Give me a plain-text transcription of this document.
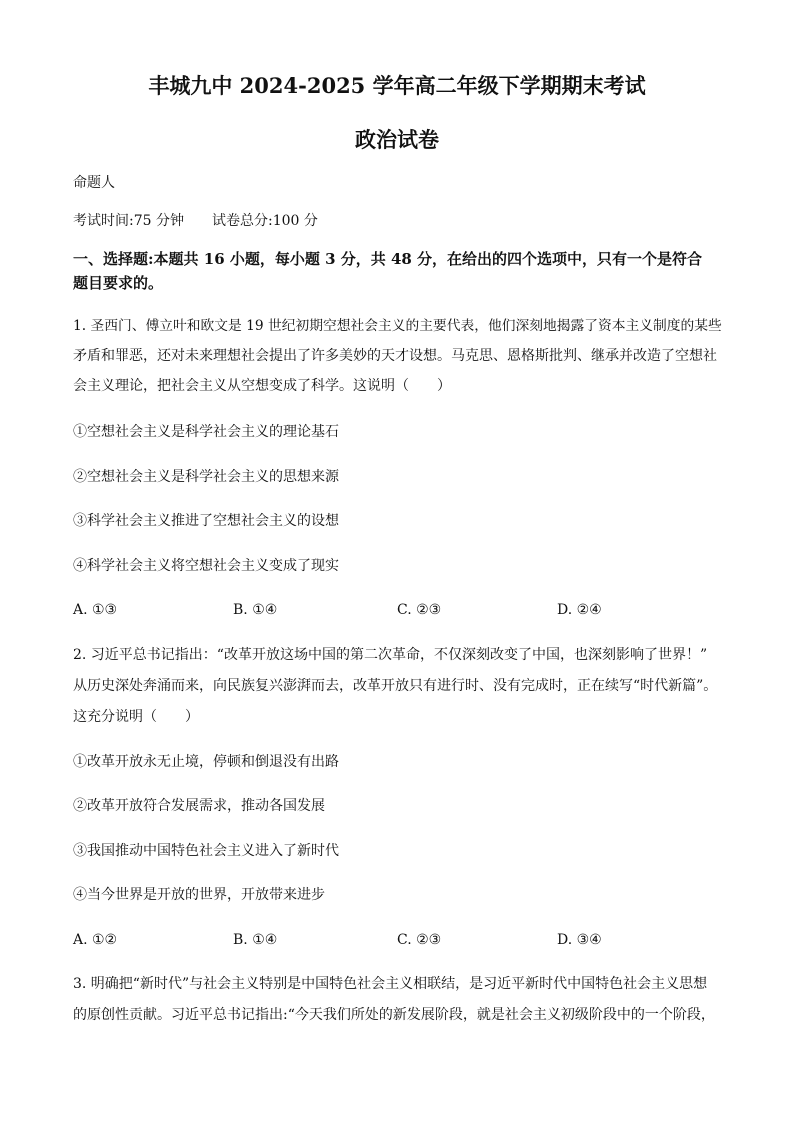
丰城九中 2024-2025 学年高二年级下学期期末考试
政治试卷
命题人
考试时间:75 分钟　　试卷总分:100 分
一、选择题:本题共 16 小题，每小题 3 分，共 48 分，在给出的四个选项中，只有一个是符合
题目要求的。
1. 圣西门、傅立叶和欧文是 19 世纪初期空想社会主义的主要代表，他们深刻地揭露了资本主义制度的某些
矛盾和罪恶，还对未来理想社会提出了许多美妙的天才设想。马克思、恩格斯批判、继承并改造了空想社
会主义理论，把社会主义从空想变成了科学。这说明（　　）
①空想社会主义是科学社会主义的理论基石
②空想社会主义是科学社会主义的思想来源
③科学社会主义推进了空想社会主义的设想
④科学社会主义将空想社会主义变成了现实
A. ①③	B. ①④	C. ②③	D. ②④
2. 习近平总书记指出：“改革开放这场中国的第二次革命，不仅深刻改变了中国，也深刻影响了世界！”
从历史深处奔涌而来，向民族复兴澎湃而去，改革开放只有进行时、没有完成时，正在续写“时代新篇”。
这充分说明（　　）
①改革开放永无止境，停顿和倒退没有出路
②改革开放符合发展需求，推动各国发展
③我国推动中国特色社会主义进入了新时代
④当今世界是开放的世界，开放带来进步
A. ①②	B. ①④	C. ②③	D. ③④
3. 明确把“新时代”与社会主义特别是中国特色社会主义相联结，是习近平新时代中国特色社会主义思想
的原创性贡献。习近平总书记指出:“今天我们所处的新发展阶段，就是社会主义初级阶段中的一个阶段，
